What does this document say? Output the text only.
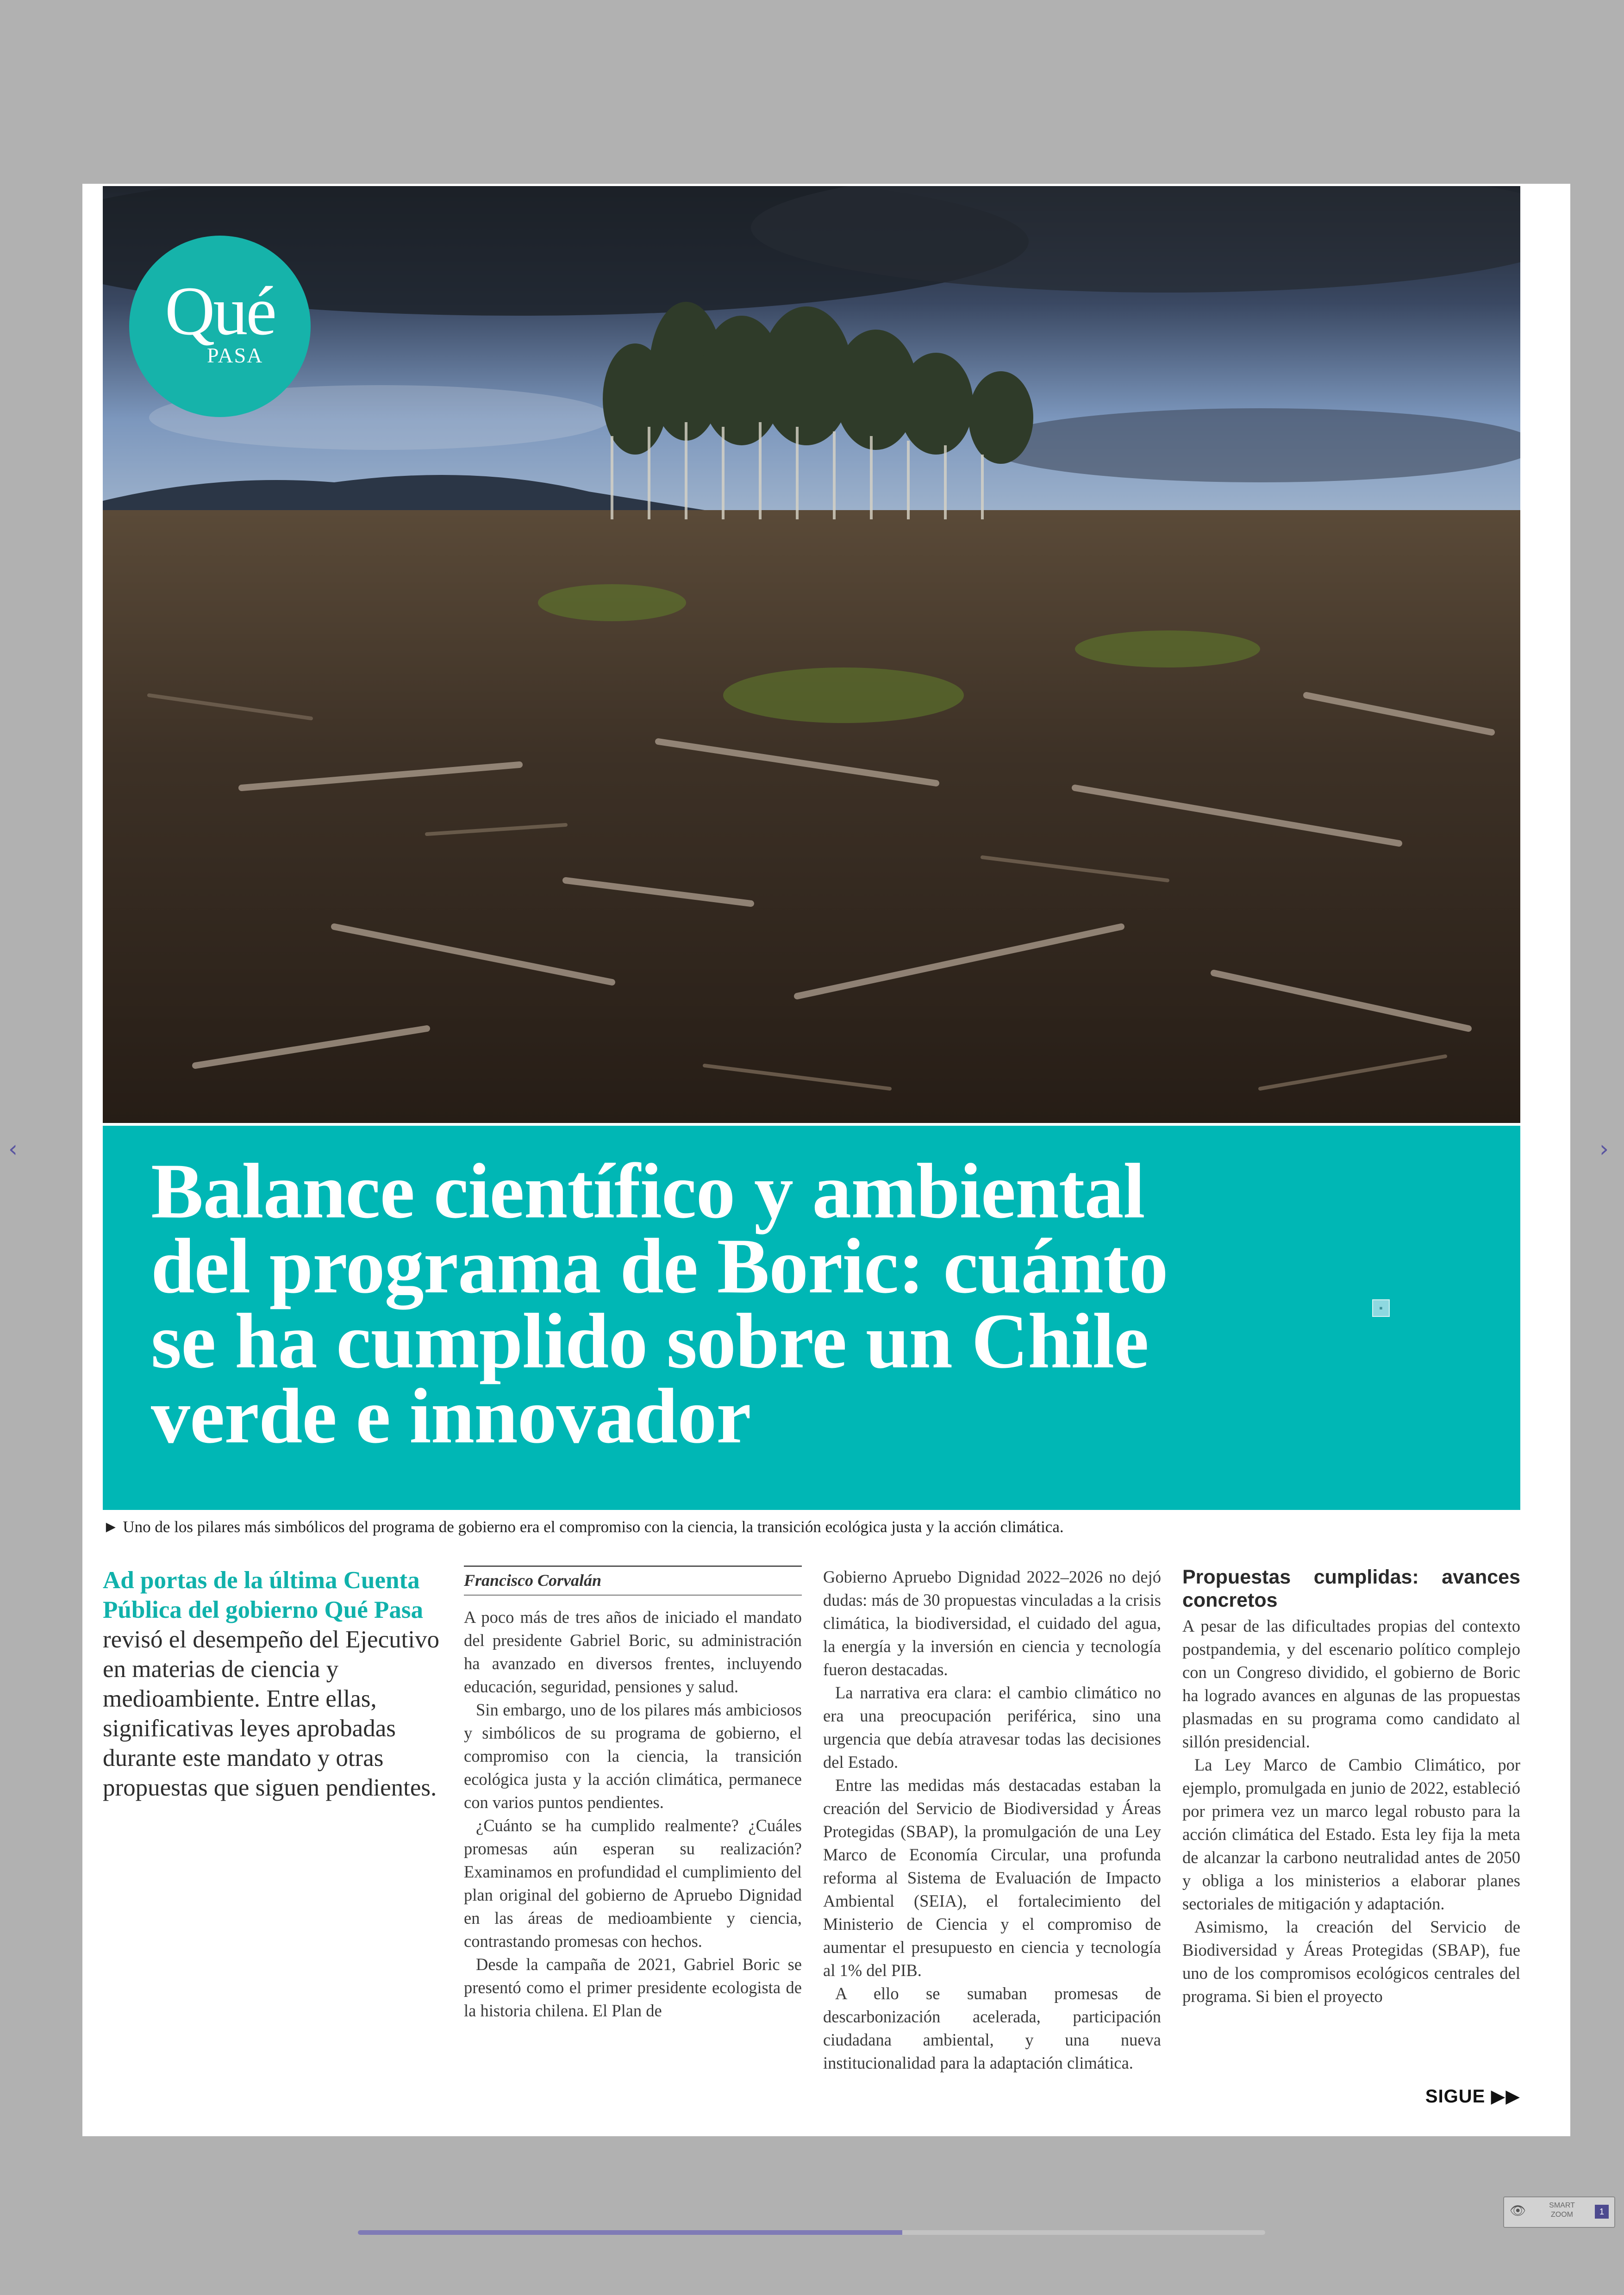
Qué
PASA
Balance científico y ambiental del programa de Boric: cuánto se ha cumplido sobre un Chile verde e innovador
▪
► Uno de los pilares más simbólicos del programa de gobierno era el compromiso con la ciencia, la transición ecológica justa y la acción climática.
Ad portas de la última Cuenta Pública del gobierno Qué Pasa revisó el desempeño del Ejecutivo en materias de ciencia y medioambiente. Entre ellas, significativas leyes aprobadas durante este mandato y otras propuestas que siguen pendientes.
Francisco Corvalán

A poco más de tres años de iniciado el mandato del presidente Gabriel Boric, su administración ha avanzado en diversos frentes, incluyendo educación, seguridad, pensiones y salud.

Sin embargo, uno de los pilares más ambiciosos y simbólicos de su programa de gobierno, el compromiso con la ciencia, la transición ecológica justa y la acción climática, permanece con varios puntos pendientes.

¿Cuánto se ha cumplido realmente? ¿Cuáles promesas aún esperan su realización? Examinamos en profundidad el cumplimiento del plan original del gobierno de Apruebo Dignidad en las áreas de medioambiente y ciencia, contrastando promesas con hechos.

Desde la campaña de 2021, Gabriel Boric se presentó como el primer presidente ecologista de la historia chilena. El Plan de

Gobierno Apruebo Dignidad 2022–2026 no dejó dudas: más de 30 propuestas vinculadas a la crisis climática, la biodiversidad, el cuidado del agua, la energía y la inversión en ciencia y tecnología fueron destacadas.

La narrativa era clara: el cambio climático no era una preocupación periférica, sino una urgencia que debía atravesar todas las decisiones del Estado.

Entre las medidas más destacadas estaban la creación del Servicio de Biodiversidad y Áreas Protegidas (SBAP), la promulgación de una Ley Marco de Economía Circular, una profunda reforma al Sistema de Evaluación de Impacto Ambiental (SEIA), el fortalecimiento del Ministerio de Ciencia y el compromiso de aumentar el presupuesto en ciencia y tecnología al 1% del PIB.

A ello se sumaban promesas de descarbonización acelerada, participación ciudadana ambiental, y una nueva institucionalidad para la adaptación climática.

Propuestas cumplidas: avances concretos

A pesar de las dificultades propias del contexto postpandemia, y del escenario político complejo con un Congreso dividido, el gobierno de Boric ha logrado avances en algunas de las propuestas plasmadas en su programa como candidato al sillón presidencial.

La Ley Marco de Cambio Climático, por ejemplo, promulgada en junio de 2022, estableció por primera vez un marco legal robusto para la acción climática del Estado. Esta ley fija la meta de alcanzar la carbono neutralidad antes de 2050 y obliga a los ministerios a elaborar planes sectoriales de mitigación y adaptación.

Asimismo, la creación del Servicio de Biodiversidad y Áreas Protegidas (SBAP), fue uno de los compromisos ecológicos centrales del programa. Si bien el proyecto

SIGUE ▶▶
‹	›
👁	SMART ZOOM	1
